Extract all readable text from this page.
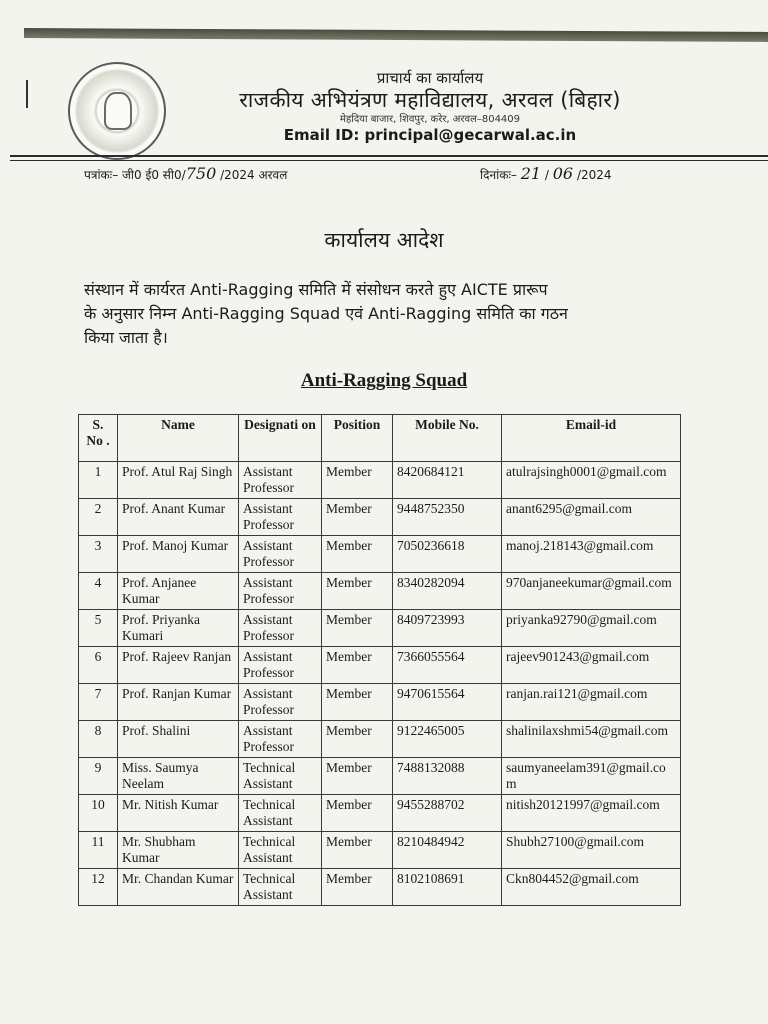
प्राचार्य का कार्यालय
राजकीय अभियंत्रण महाविद्यालय, अरवल (बिहार)
मेहदिया बाजार, शिवपुर, करेर, अरवल–804409
Email ID: principal@gecarwal.ac.in
पत्रांकः– जी0 ई0 सी0/750 /2024 अरवल	दिनांकः– 21 / 06 /2024
कार्यालय आदेश
संस्थान में कार्यरत Anti-Ragging समिति में संसोधन करते हुए AICTE प्रारूप
के अनुसार निम्न Anti-Ragging Squad एवं Anti-Ragging समिति का गठन
किया जाता है।
Anti-Ragging Squad
S. No .	Name	Designati on	Position	Mobile No.	Email-id
1	Prof. Atul Raj Singh	Assistant Professor	Member	8420684121	atulrajsingh0001@gmail.com
2	Prof. Anant Kumar	Assistant Professor	Member	9448752350	anant6295@gmail.com
3	Prof. Manoj Kumar	Assistant Professor	Member	7050236618	manoj.218143@gmail.com
4	Prof. Anjanee Kumar	Assistant Professor	Member	8340282094	970anjaneekumar@gmail.com
5	Prof. Priyanka Kumari	Assistant Professor	Member	8409723993	priyanka92790@gmail.com
6	Prof. Rajeev Ranjan	Assistant Professor	Member	7366055564	rajeev901243@gmail.com
7	Prof. Ranjan Kumar	Assistant Professor	Member	9470615564	ranjan.rai121@gmail.com
8	Prof. Shalini	Assistant Professor	Member	9122465005	shalinilaxshmi54@gmail.com
9	Miss. Saumya Neelam	Technical Assistant	Member	7488132088	saumyaneelam391@gmail.com
10	Mr. Nitish Kumar	Technical Assistant	Member	9455288702	nitish20121997@gmail.com
11	Mr. Shubham Kumar	Technical Assistant	Member	8210484942	Shubh27100@gmail.com
12	Mr. Chandan Kumar	Technical Assistant	Member	8102108691	Ckn804452@gmail.com
